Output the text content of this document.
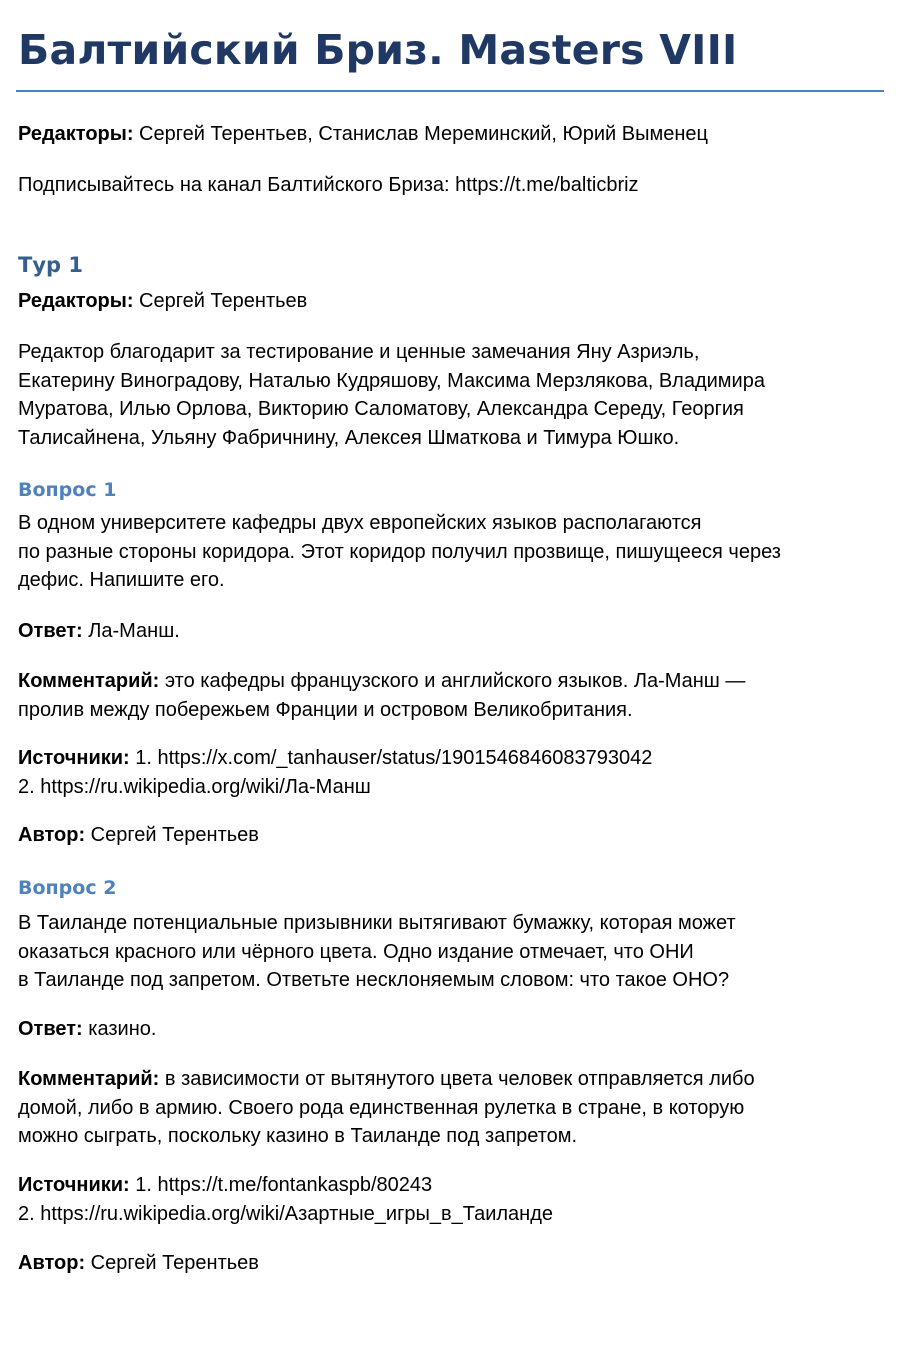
Балтийский Бриз. Masters VIII

Редакторы: Сергей Терентьев, Станислав Мереминский, Юрий Выменец

Подписывайтесь на канал Балтийского Бриза: https://t.me/balticbriz

Тур 1

Редакторы: Сергей Терентьев

Редактор благодарит за тестирование и ценные замечания Яну Азриэль,
Екатерину Виноградову, Наталью Кудряшову, Максима Мерзлякова, Владимира
Муратова, Илью Орлова, Викторию Саломатову, Александра Середу, Георгия
Талисайнена, Ульяну Фабричнину, Алексея Шматкова и Тимура Юшко.

Вопрос 1

В одном университете кафедры двух европейских языков располагаются
по разные стороны коридора. Этот коридор получил прозвище, пишущееся через
дефис. Напишите его.

Ответ: Ла-Манш.

Комментарий: это кафедры французского и английского языков. Ла-Манш —
пролив между побережьем Франции и островом Великобритания.

Источники: 1. https://x.com/_tanhauser/status/1901546846083793042
2. https://ru.wikipedia.org/wiki/Ла-Манш

Автор: Сергей Терентьев

Вопрос 2

В Таиланде потенциальные призывники вытягивают бумажку, которая может
оказаться красного или чёрного цвета. Одно издание отмечает, что ОНИ
в Таиланде под запретом. Ответьте несклоняемым словом: что такое ОНО?

Ответ: казино.

Комментарий: в зависимости от вытянутого цвета человек отправляется либо
домой, либо в армию. Своего рода единственная рулетка в стране, в которую
можно сыграть, поскольку казино в Таиланде под запретом.

Источники: 1. https://t.me/fontankaspb/80243
2. https://ru.wikipedia.org/wiki/Азартные_игры_в_Таиланде

Автор: Сергей Терентьев
